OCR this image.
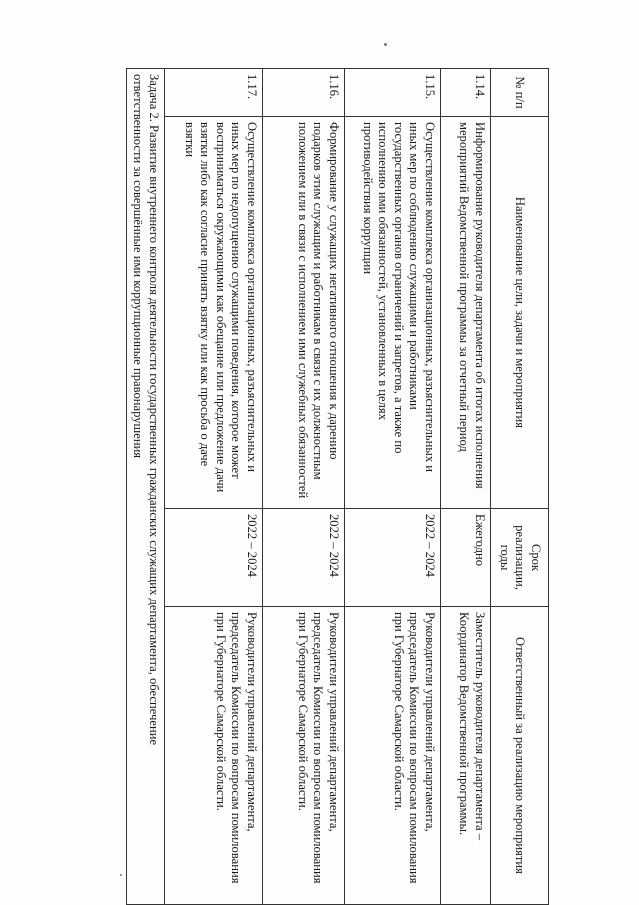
№ п/п	Наименование цели, задачи и мероприятия	Срок реализации, годы	Ответственный за реализацию мероприятия
1.14.	Информирование руководителя департамента об итогах исполнения мероприятий Ведомственной программы за отчетный период	Ежегодно	Заместитель руководителя департамента – Координатор Ведомственной программы.
1.15.	Осуществление комплекса организационных, разъяснительных и иных мер по соблюдению служащими и работниками государственных органов ограничений и запретов, а также по исполнению ими обязанностей, установленных в целях противодействия коррупции	2022 – 2024	Руководители управлений департамента, председатель Комиссии по вопросам помилования при Губернаторе Самарской области.
1.16.	Формирование у служащих негативного отношения к дарению подарков этим служащим и работникам в связи с их должностным положением или в связи с исполнением ими служебных обязанностей	2022 – 2024	Руководители управлений департамента, председатель Комиссии по вопросам помилования при Губернаторе Самарской области.
1.17.	Осуществление комплекса организационных, разъяснительных и иных мер по недопущению служащими поведения, которое может восприниматься окружающими как обещание или предложение дачи взятки либо как согласие принять взятку или как просьба о даче взятки	2022 – 2024	Руководители управлений департамента, председатель Комиссии по вопросам помилования при Губернаторе Самарской области.

Задача 2. Развитие внутреннего контроля деятельности государственных гражданских служащих департамента, обеспечение
ответственности за совершённые ими коррупционные правонарушения			
